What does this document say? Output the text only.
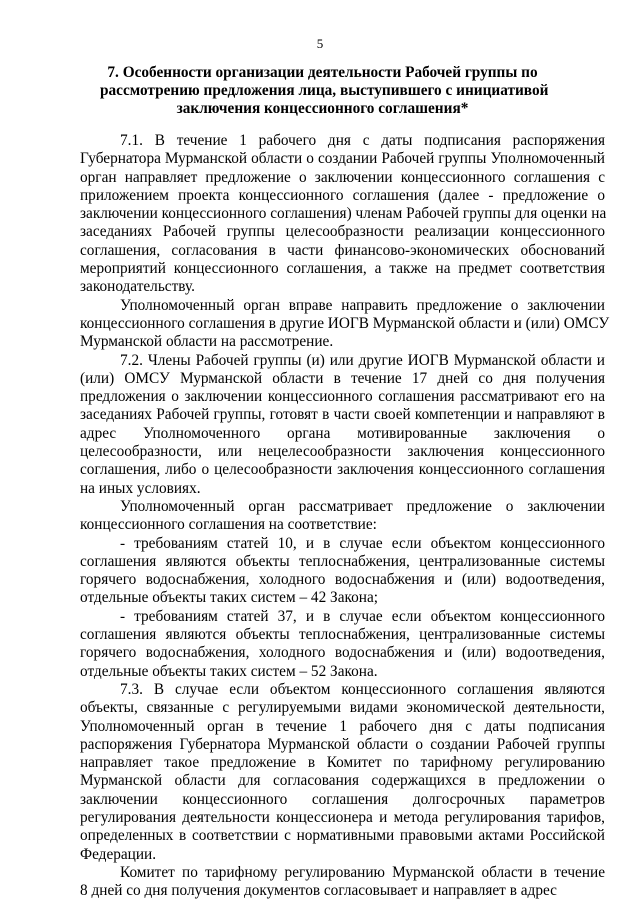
5
7. Особенности организации деятельности Рабочей группы по
рассмотрению предложения лица, выступившего с инициативой
заключения концессионного соглашения*

7.1. В течение 1 рабочего дня с даты подписания распоряжения
Губернатора Мурманской области о создании Рабочей группы Уполномоченный
орган направляет предложение о заключении концессионного соглашения с
приложением проекта концессионного соглашения (далее - предложение о
заключении концессионного соглашения) членам Рабочей группы для оценки на
заседаниях Рабочей группы целесообразности реализации концессионного
соглашения, согласования в части финансово-экономических обоснований
мероприятий концессионного соглашения, а также на предмет соответствия
законодательству.

Уполномоченный орган вправе направить предложение о заключении
концессионного соглашения в другие ИОГВ Мурманской области и (или) ОМСУ
Мурманской области на рассмотрение.

7.2. Члены Рабочей группы (и) или другие ИОГВ Мурманской области и
(или) ОМСУ Мурманской области в течение 17 дней со дня получения
предложения о заключении концессионного соглашения рассматривают его на
заседаниях Рабочей группы, готовят в части своей компетенции и направляют в
адрес Уполномоченного органа мотивированные заключения о
целесообразности, или нецелесообразности заключения концессионного
соглашения, либо о целесообразности заключения концессионного соглашения
на иных условиях.

Уполномоченный орган рассматривает предложение о заключении
концессионного соглашения на соответствие:

- требованиям статей 10, и в случае если объектом концессионного
соглашения являются объекты теплоснабжения, централизованные системы
горячего водоснабжения, холодного водоснабжения и (или) водоотведения,
отдельные объекты таких систем – 42 Закона;

- требованиям статей 37, и в случае если объектом концессионного
соглашения являются объекты теплоснабжения, централизованные системы
горячего водоснабжения, холодного водоснабжения и (или) водоотведения,
отдельные объекты таких систем – 52 Закона.

7.3. В случае если объектом концессионного соглашения являются
объекты, связанные с регулируемыми видами экономической деятельности,
Уполномоченный орган в течение 1 рабочего дня с даты подписания
распоряжения Губернатора Мурманской области о создании Рабочей группы
направляет такое предложение в Комитет по тарифному регулированию
Мурманской области для согласования содержащихся в предложении о
заключении концессионного соглашения долгосрочных параметров
регулирования деятельности концессионера и метода регулирования тарифов,
определенных в соответствии с нормативными правовыми актами Российской
Федерации.

Комитет по тарифному регулированию Мурманской области в течение
8 дней со дня получения документов согласовывает и направляет в адрес
